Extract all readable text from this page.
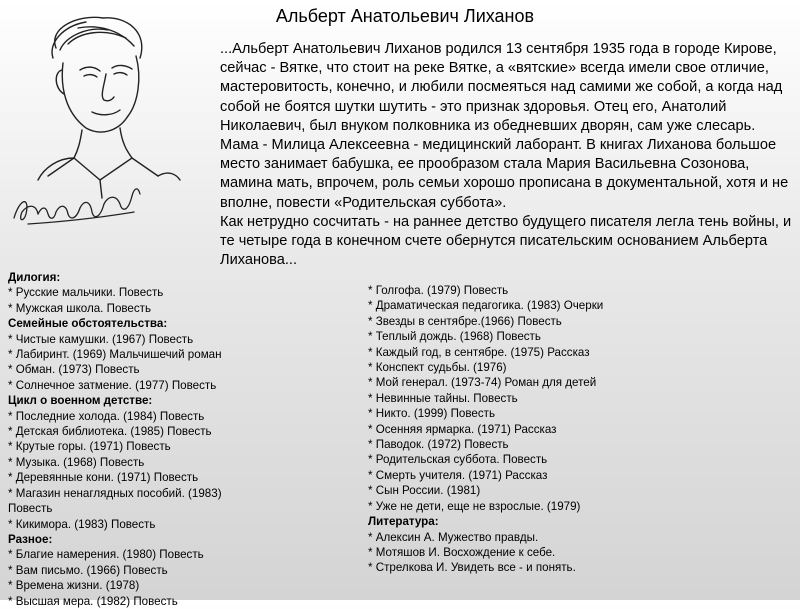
Альберт Анатольевич Лиханов

...Альберт Анатольевич Лиханов родился 13 сентября 1935 года в городе Кирове, сейчас - Вятке, что стоит на реке Вятке, а «вятские» всегда имели свое отличие, мастеровитость, конечно, и любили посмеяться над самими же собой, а когда над собой не боятся шутки шутить - это признак здоровья. Отец его, Анатолий Николаевич, был внуком полковника из обедневших дворян, сам уже слесарь. Мама - Милица Алексеевна - медицинский лаборант. В книгах Лиханова большое место занимает бабушка, ее прообразом стала Мария Васильевна Созонова, мамина мать, впрочем, роль семьи хорошо прописана в документальной, хотя и не вполне, повести «Родительская суббота».

Как нетрудно сосчитать - на раннее детство будущего писателя легла тень войны, и те четыре года в конечном счете обернутся писательским основанием Альберта Лиханова...

Дилогия:
* Русские мальчики. Повесть
* Мужская школа. Повесть
Семейные обстоятельства:
* Чистые камушки. (1967) Повесть
* Лабиринт. (1969) Мальчишечий роман
* Обман. (1973) Повесть
* Солнечное затмение. (1977) Повесть
Цикл о военном детстве:
* Последние холода. (1984) Повесть
* Детская библиотека. (1985) Повесть
* Крутые горы. (1971) Повесть
* Музыка. (1968) Повесть
* Деревянные кони. (1971) Повесть
* Магазин ненаглядных пособий. (1983) Повесть
* Кикимора. (1983) Повесть
Разное:
* Благие намерения. (1980) Повесть
* Вам письмо. (1966) Повесть
* Времена жизни. (1978)
* Высшая мера. (1982) Повесть
* Голгофа. (1979) Повесть
* Драматическая педагогика. (1983) Очерки
* Звезды в сентябре.(1966) Повесть
* Теплый дождь. (1968) Повесть
* Каждый год, в сентябре. (1975) Рассказ
* Конспект судьбы. (1976)
* Мой генерал. (1973-74) Роман для детей
* Невинные тайны. Повесть
* Никто. (1999) Повесть
* Осенняя ярмарка. (1971) Рассказ
* Паводок. (1972) Повесть
* Родительская суббота. Повесть
* Смерть учителя. (1971) Рассказ
* Сын России. (1981)
* Уже не дети, еще не взрослые. (1979)
Литература:
* Алексин А. Мужество правды.
* Мотяшов И. Восхождение к себе.
* Стрелкова И. Увидеть все - и понять.
